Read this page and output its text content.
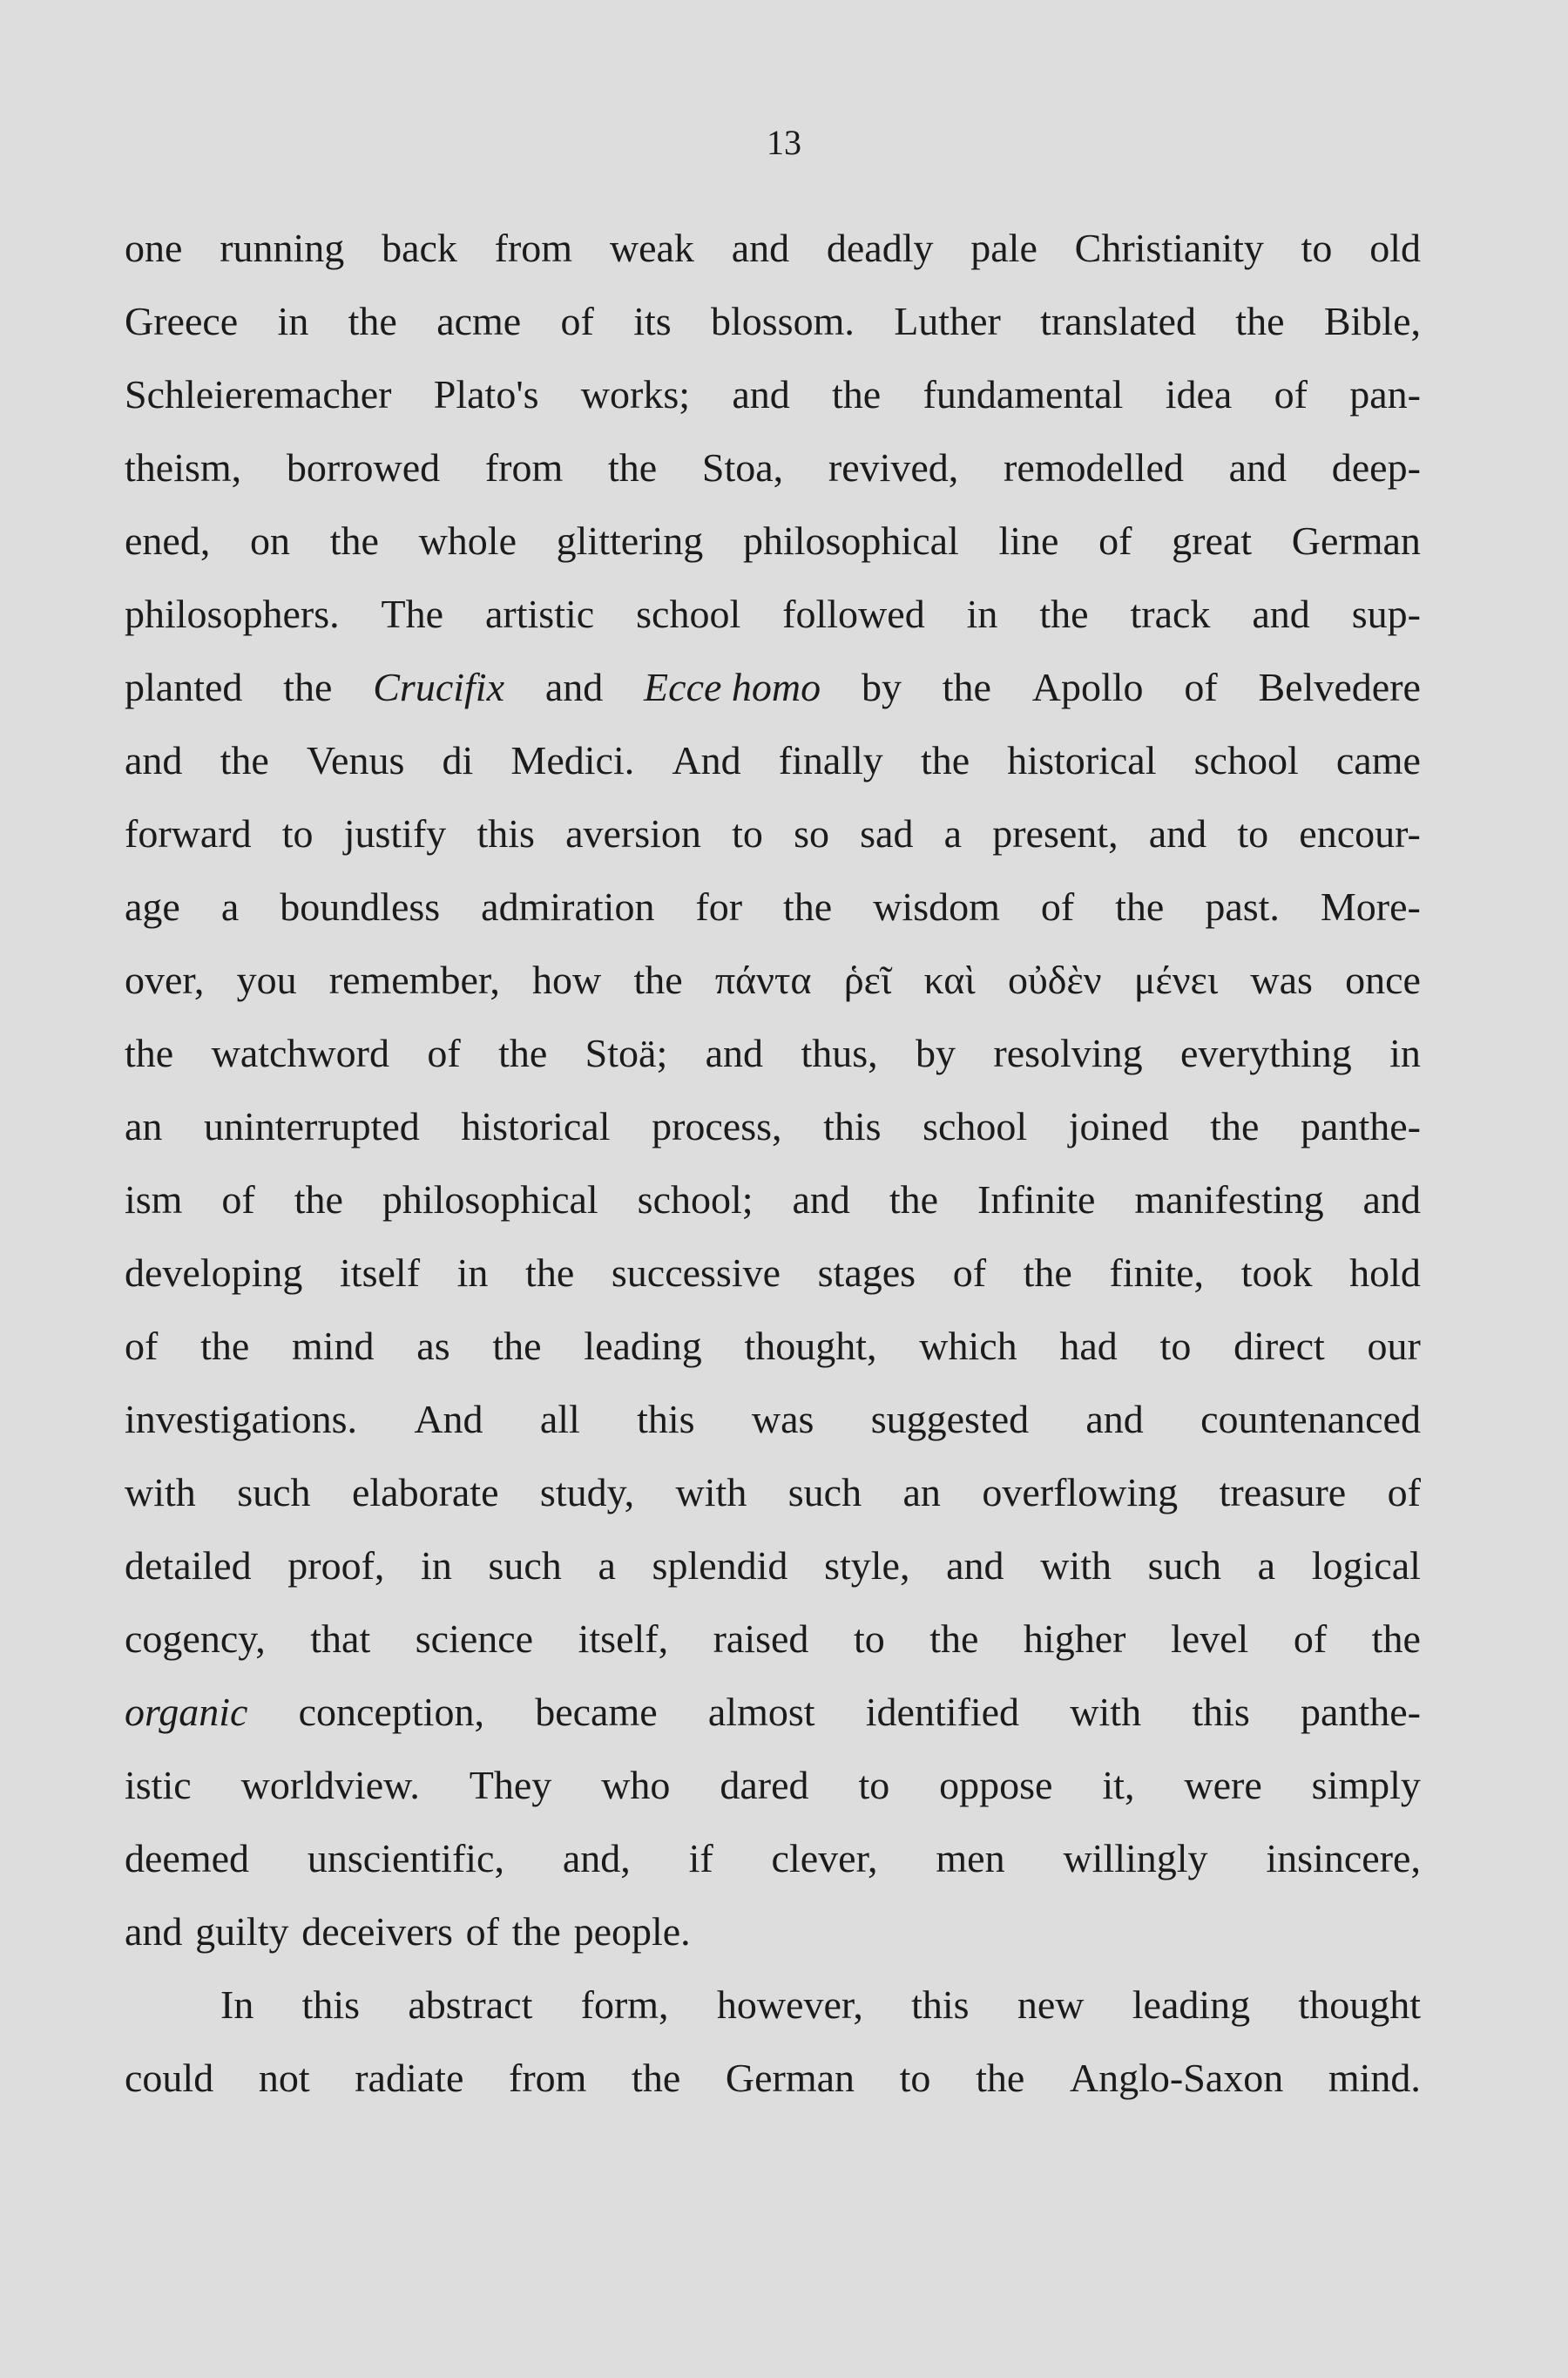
13
one running back from weak and deadly pale Christianity to old
Greece in the acme of its blossom. Luther translated the Bible,
Schleieremacher Plato's works; and the fundamental idea of pan-
theism, borrowed from the Stoa, revived, remodelled and deep-
ened, on the whole glittering philosophical line of great German
philosophers. The artistic school followed in the track and sup-
planted the Crucifix and Ecce homo by the Apollo of Belvedere
and the Venus di Medici. And finally the historical school came
forward to justify this aversion to so sad a present, and to encour-
age a boundless admiration for the wisdom of the past. More-
over, you remember, how the πάντα ῥεῖ καὶ οὐδὲν μένει was once
the watchword of the Stoä; and thus, by resolving everything in
an uninterrupted historical process, this school joined the panthe-
ism of the philosophical school; and the Infinite manifesting and
developing itself in the successive stages of the finite, took hold
of the mind as the leading thought, which had to direct our
investigations. And all this was suggested and countenanced
with such elaborate study, with such an overflowing treasure of
detailed proof, in such a splendid style, and with such a logical
cogency, that science itself, raised to the higher level of the
organic conception, became almost identified with this panthe-
istic worldview. They who dared to oppose it, were simply
deemed unscientific, and, if clever, men willingly insincere,
and guilty deceivers of the people.
In this abstract form, however, this new leading thought
could not radiate from the German to the Anglo-Saxon mind.
